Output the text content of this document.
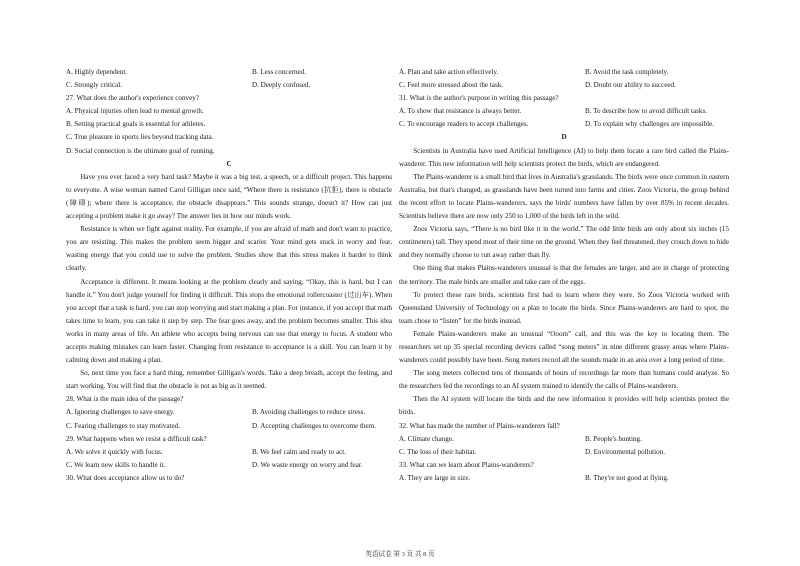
A. Highly dependent.	B. Less concerned.
C. Strongly critical.	D. Deeply confused.
27. What does the author's experience convey?
A. Physical injuries often lead to mental growth.
B. Setting practical goals is essential for athletes.
C. True pleasure in sports lies beyond tracking data.
D. Social connection is the ultimate goal of running.
C
Have you ever faced a very hard task? Maybe it was a big test, a speech, or a difficult project. This happens to everyone. A wise woman named Carol Gilligan once said, “Where there is resistance (抗拒), there is obstacle (障碍); where there is acceptance, the obstacle disappears.” This sounds strange, doesn't it? How can just accepting a problem make it go away? The answer lies in how our minds work.
Resistance is when we fight against reality. For example, if you are afraid of math and don't want to practice, you are resisting. This makes the problem seem bigger and scarier. Your mind gets stuck in worry and fear, wasting energy that you could use to solve the problem. Studies show that this stress makes it harder to think clearly.
Acceptance is different. It means looking at the problem clearly and saying, “Okay, this is hard, but I can handle it.” You don't judge yourself for finding it difficult. This stops the emotional rollercoaster (过山车). When you accept that a task is hard, you can stop worrying and start making a plan. For instance, if you accept that math takes time to learn, you can take it step by step. The fear goes away, and the problem becomes smaller. This idea works in many areas of life. An athlete who accepts being nervous can use that energy to focus. A student who accepts making mistakes can learn faster. Changing from resistance to acceptance is a skill. You can learn it by calming down and making a plan.
So, next time you face a hard thing, remember Gilligan's words. Take a deep breath, accept the feeling, and start working. You will find that the obstacle is not as big as it seemed.
28. What is the main idea of the passage?
A. Ignoring challenges to save energy.	B. Avoiding challenges to reduce stress.
C. Fearing challenges to stay motivated.	D. Accepting challenges to overcome them.
29. What happens when we resist a difficult task?
A. We solve it quickly with focus.	B. We feel calm and ready to act.
C. We learn new skills to handle it.	D. We waste energy on worry and fear.
30. What does acceptance allow us to do?
A. Plan and take action effectively.	B. Avoid the task completely.
C. Feel more stressed about the task.	D. Doubt our ability to succeed.
31. What is the author's purpose in writing this passage?
A. To show that resistance is always better.	B. To describe how to avoid difficult tasks.
C. To encourage readers to accept challenges.	D. To explain why challenges are impossible.
D
Scientists in Australia have used Artificial Intelligence (AI) to help them locate a rare bird called the Plains-wanderer. This new information will help scientists protect the birds, which are endangered.
The Plains-wanderer is a small bird that lives in Australia's grasslands. The birds were once common in eastern Australia, but that's changed, as grasslands have been turned into farms and cities. Zoos Victoria, the group behind the recent effort to locate Plains-wanderers, says the birds' numbers have fallen by over 85% in recent decades. Scientists believe there are now only 250 to 1,000 of the birds left in the wild.
Zoos Victoria says, “There is no bird like it in the world.” The odd little birds are only about six inches (15 centimeters) tall. They spend most of their time on the ground. When they feel threatened, they crouch down to hide and they normally choose to run away rather than fly.
One thing that makes Plains-wanderers unusual is that the females are larger, and are in charge of protecting the territory. The male birds are smaller and take care of the eggs.
To protect these rare birds, scientists first had to learn where they were. So Zoos Victoria worked with Queensland University of Technology on a plan to locate the birds. Since Plains-wanderers are hard to spot, the team chose to “listen” for the birds instead.
Female Plains-wanderers make an unusual “Ooom” call, and this was the key to locating them. The researchers set up 35 special recording devices called “song meters” in nine different grassy areas where Plains-wanderers could possibly have been. Song meters record all the sounds made in an area over a long period of time.
The song meters collected tens of thousands of hours of recordings far more than humans could analyze. So the researchers fed the recordings to an AI system trained to identify the calls of Plains-wanderers.
Then the AI system will locate the birds and the new information it provides will help scientists protect the birds.
32. What has made the number of Plains-wanderers fall?
A. Climate change.	B. People's hunting.
C. The loss of their habitat.	D. Environmental pollution.
33. What can we learn about Plains-wanderers?
A. They are large in size.	B. They're not good at flying.
英语试卷 第 3 页 共 8 页
